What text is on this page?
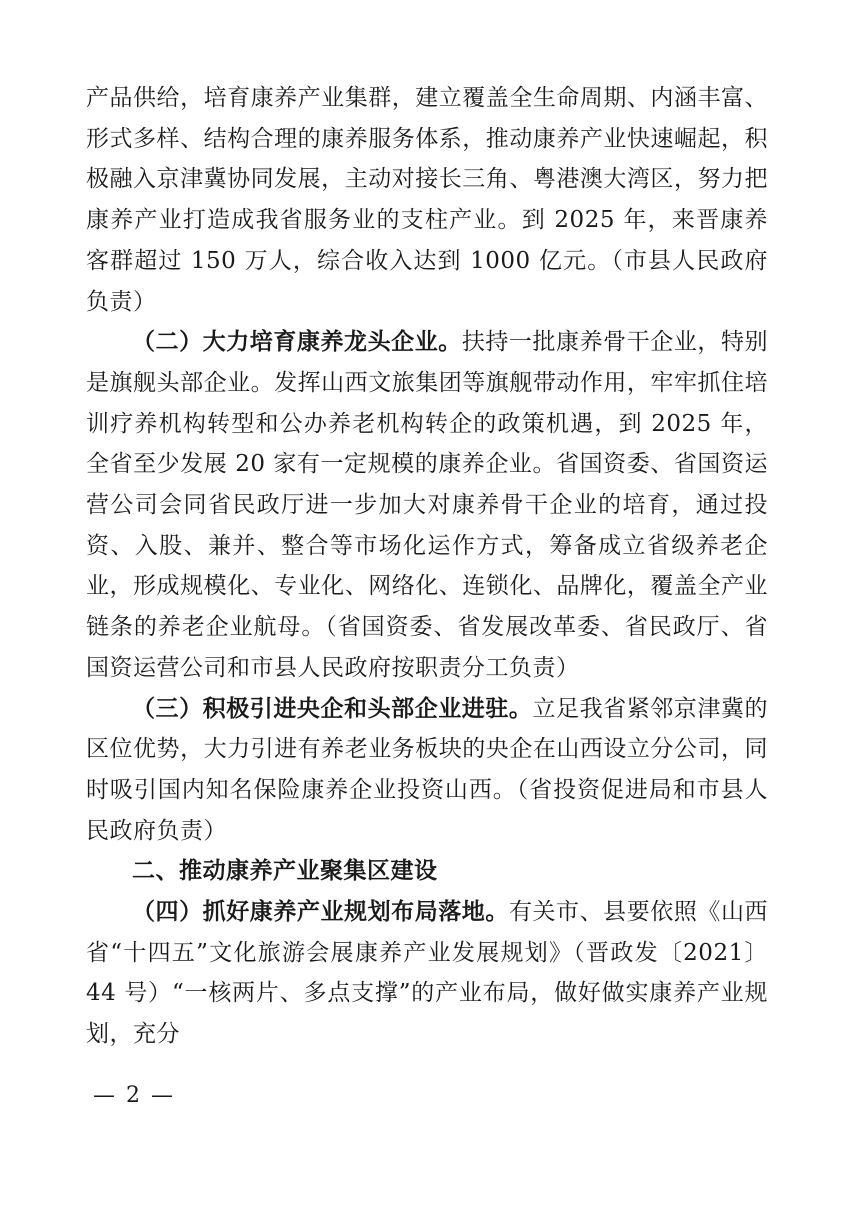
产品供给，培育康养产业集群，建立覆盖全生命周期、内涵丰富、形式多样、结构合理的康养服务体系，推动康养产业快速崛起，积极融入京津冀协同发展，主动对接长三角、粤港澳大湾区，努力把康养产业打造成我省服务业的支柱产业。到 2025 年，来晋康养客群超过 150 万人，综合收入达到 1000 亿元。（市县人民政府负责）

（二）大力培育康养龙头企业。扶持一批康养骨干企业，特别是旗舰头部企业。发挥山西文旅集团等旗舰带动作用，牢牢抓住培训疗养机构转型和公办养老机构转企的政策机遇，到 2025 年，全省至少发展 20 家有一定规模的康养企业。省国资委、省国资运营公司会同省民政厅进一步加大对康养骨干企业的培育，通过投资、入股、兼并、整合等市场化运作方式，筹备成立省级养老企业，形成规模化、专业化、网络化、连锁化、品牌化，覆盖全产业链条的养老企业航母。（省国资委、省发展改革委、省民政厅、省国资运营公司和市县人民政府按职责分工负责）

（三）积极引进央企和头部企业进驻。立足我省紧邻京津冀的区位优势，大力引进有养老业务板块的央企在山西设立分公司，同时吸引国内知名保险康养企业投资山西。（省投资促进局和市县人民政府负责）

二、推动康养产业聚集区建设

（四）抓好康养产业规划布局落地。有关市、县要依照《山西省“十四五”文化旅游会展康养产业发展规划》（晋政发〔2021〕44 号）“一核两片、多点支撑”的产业布局，做好做实康养产业规划，充分

— 2 —
